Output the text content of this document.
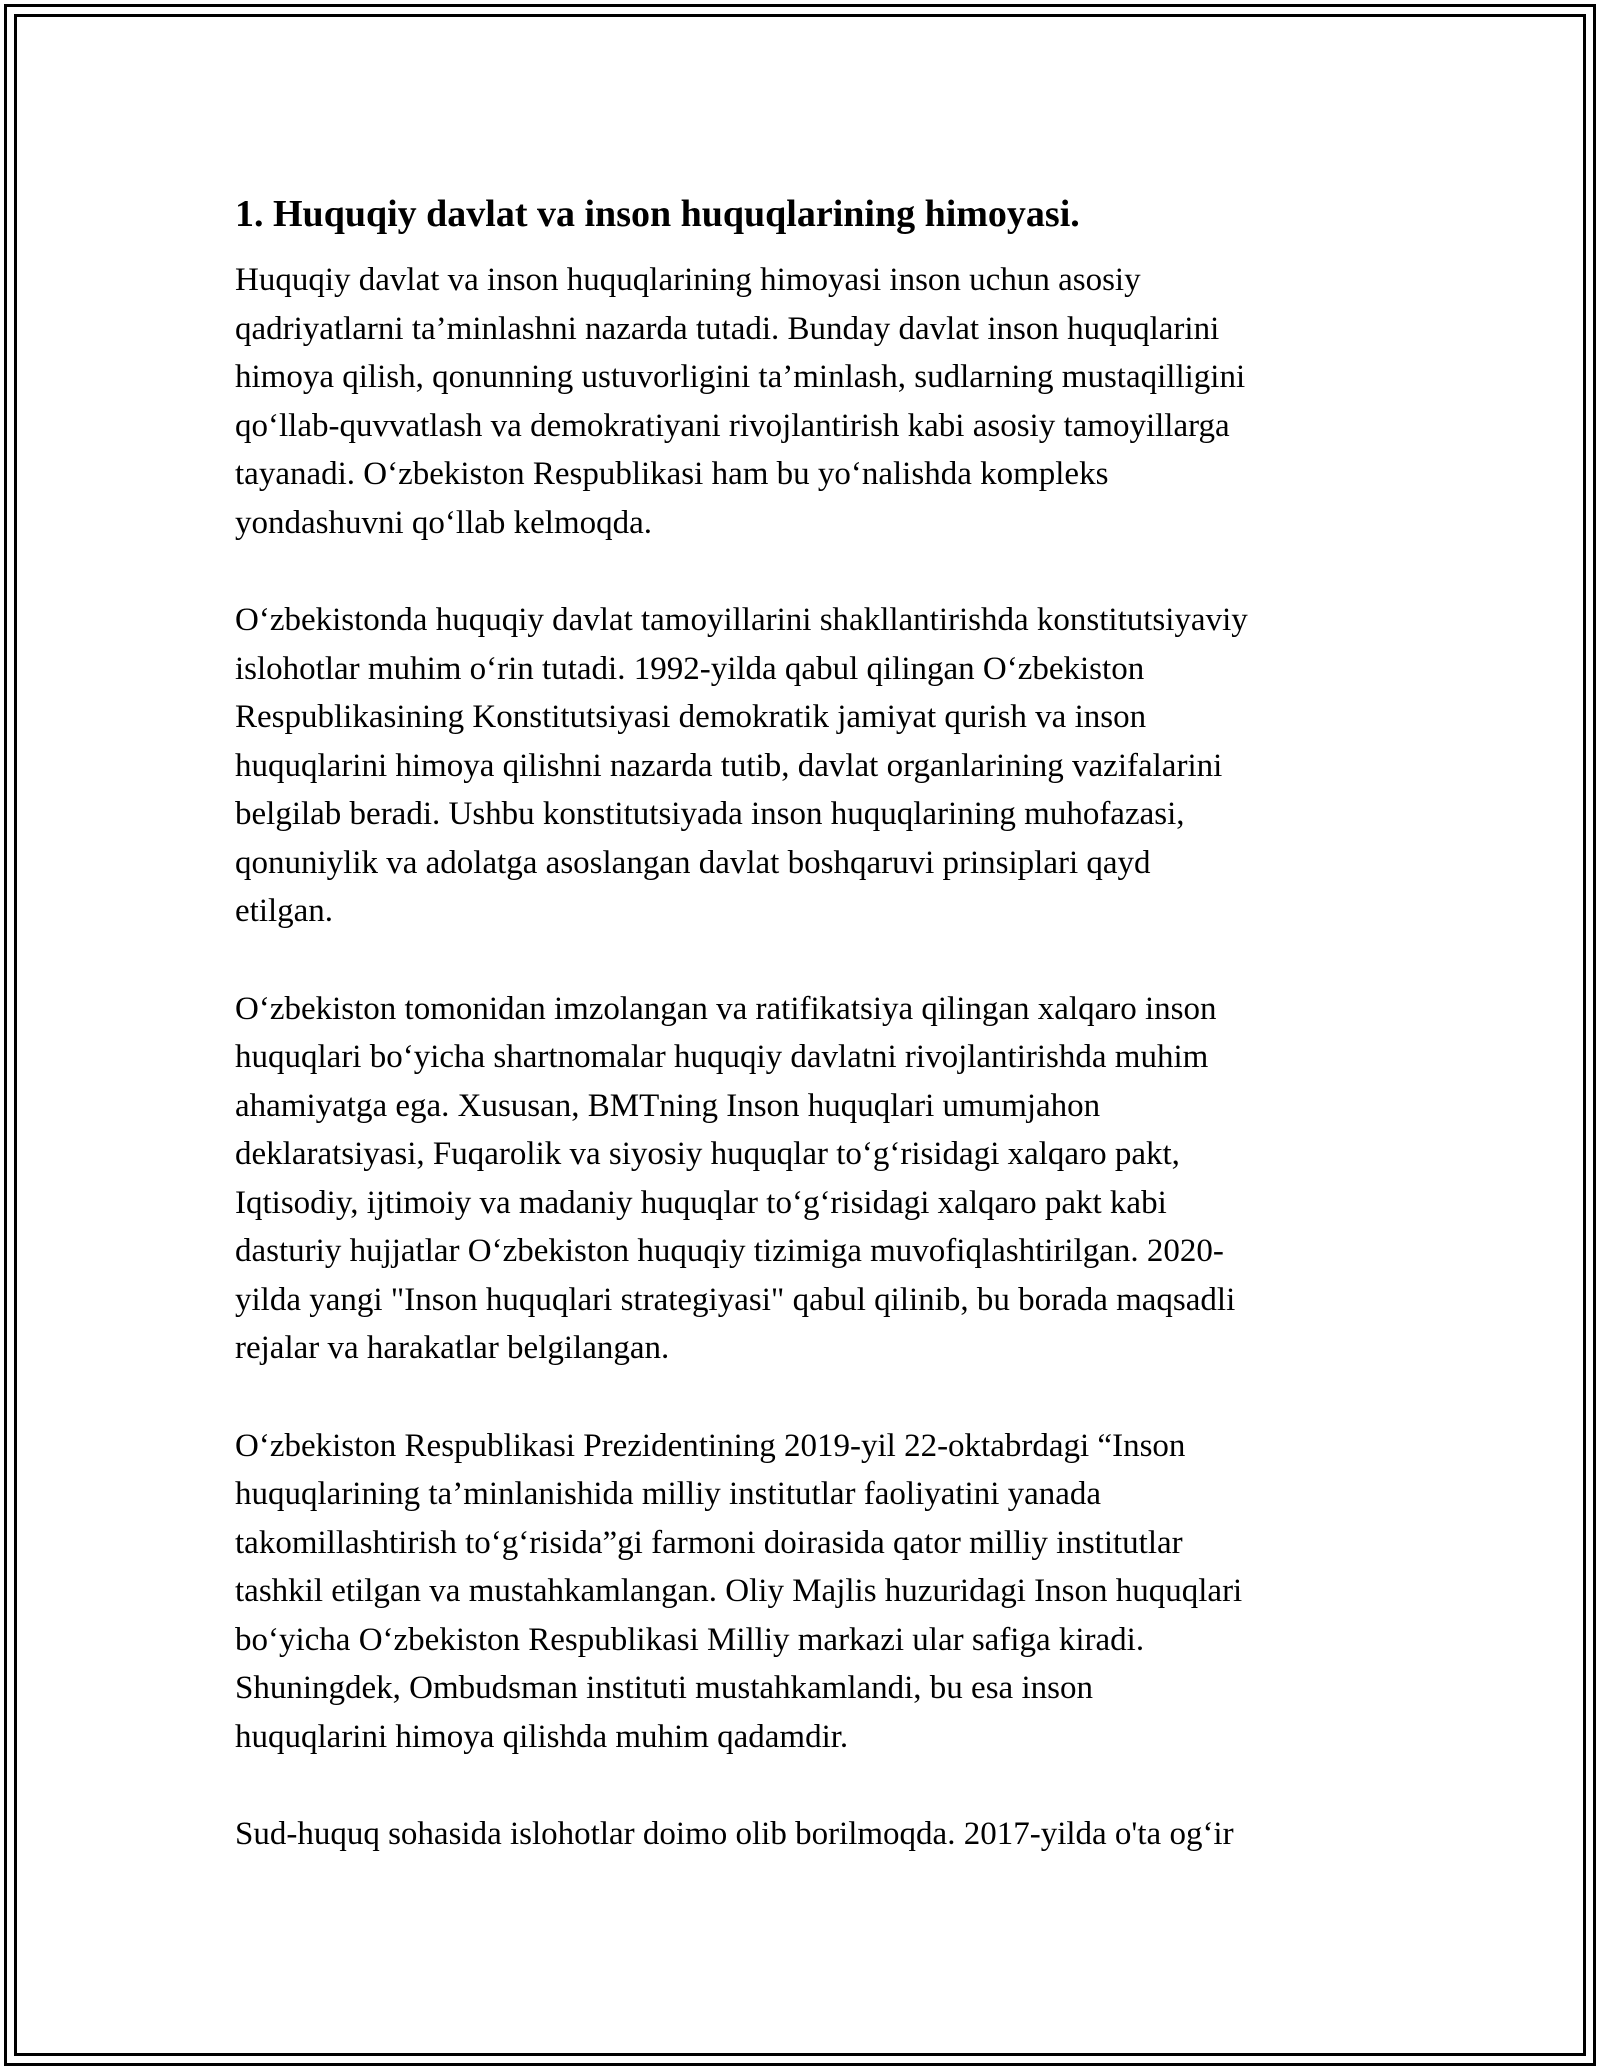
1. Huquqiy davlat va inson huquqlarining himoyasi.
Huquqiy davlat va inson huquqlarining himoyasi inson uchun asosiy
qadriyatlarni ta’minlashni nazarda tutadi. Bunday davlat inson huquqlarini
himoya qilish, qonunning ustuvorligini ta’minlash, sudlarning mustaqilligini
qo‘llab-quvvatlash va demokratiyani rivojlantirish kabi asosiy tamoyillarga
tayanadi. O‘zbekiston Respublikasi ham bu yo‘nalishda kompleks
yondashuvni qo‘llab kelmoqda.
O‘zbekistonda huquqiy davlat tamoyillarini shakllantirishda konstitutsiyaviy
islohotlar muhim o‘rin tutadi. 1992-yilda qabul qilingan O‘zbekiston
Respublikasining Konstitutsiyasi demokratik jamiyat qurish va inson
huquqlarini himoya qilishni nazarda tutib, davlat organlarining vazifalarini
belgilab beradi. Ushbu konstitutsiyada inson huquqlarining muhofazasi,
qonuniylik va adolatga asoslangan davlat boshqaruvi prinsiplari qayd
etilgan.
O‘zbekiston tomonidan imzolangan va ratifikatsiya qilingan xalqaro inson
huquqlari bo‘yicha shartnomalar huquqiy davlatni rivojlantirishda muhim
ahamiyatga ega. Xususan, BMTning Inson huquqlari umumjahon
deklaratsiyasi, Fuqarolik va siyosiy huquqlar to‘g‘risidagi xalqaro pakt,
Iqtisodiy, ijtimoiy va madaniy huquqlar to‘g‘risidagi xalqaro pakt kabi
dasturiy hujjatlar O‘zbekiston huquqiy tizimiga muvofiqlashtirilgan. 2020-
yilda yangi "Inson huquqlari strategiyasi" qabul qilinib, bu borada maqsadli
rejalar va harakatlar belgilangan.
O‘zbekiston Respublikasi Prezidentining 2019-yil 22-oktabrdagi “Inson
huquqlarining ta’minlanishida milliy institutlar faoliyatini yanada
takomillashtirish to‘g‘risida”gi farmoni doirasida qator milliy institutlar
tashkil etilgan va mustahkamlangan. Oliy Majlis huzuridagi Inson huquqlari
bo‘yicha O‘zbekiston Respublikasi Milliy markazi ular safiga kiradi.
Shuningdek, Ombudsman instituti mustahkamlandi, bu esa inson
huquqlarini himoya qilishda muhim qadamdir.
Sud-huquq sohasida islohotlar doimo olib borilmoqda. 2017-yilda o'ta og‘ir
